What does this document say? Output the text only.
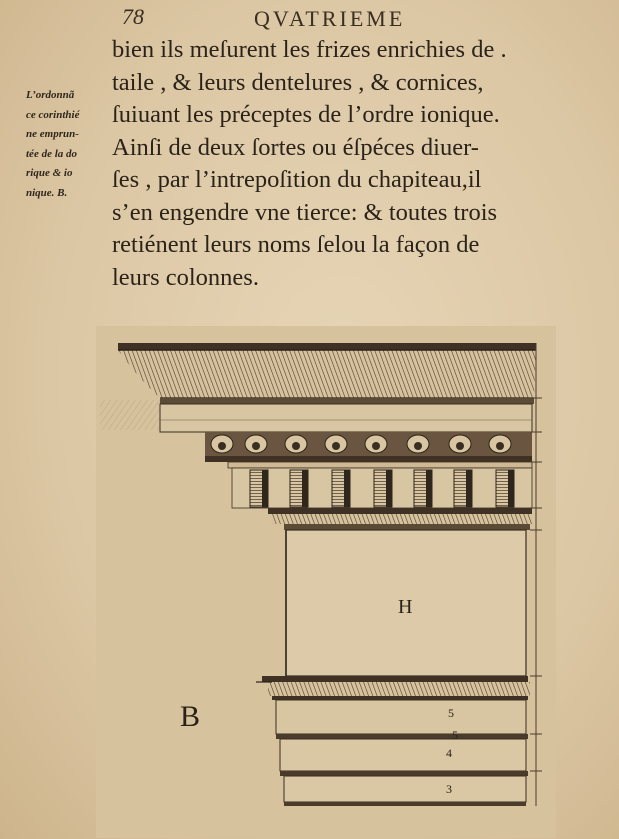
78	QVATRIEME
L’ordonnã
ce corinthié
ne emprun-
tée de la do
rique & io
nique. B.
bien ils meſurent les frizes enrichies de .
taile , & leurs dentelures , & cornices,
ſuiuant les préceptes de l’ordre ionique.
Ainſi de deux ſortes ou éſpéces diuer-
ſes , par l’intrepoſition du chapiteau,il
s’en engendre vne tierce: & toutes trois
retiénent leurs noms ſelou la façon de
leurs colonnes.
H
B	5
5
4
3
